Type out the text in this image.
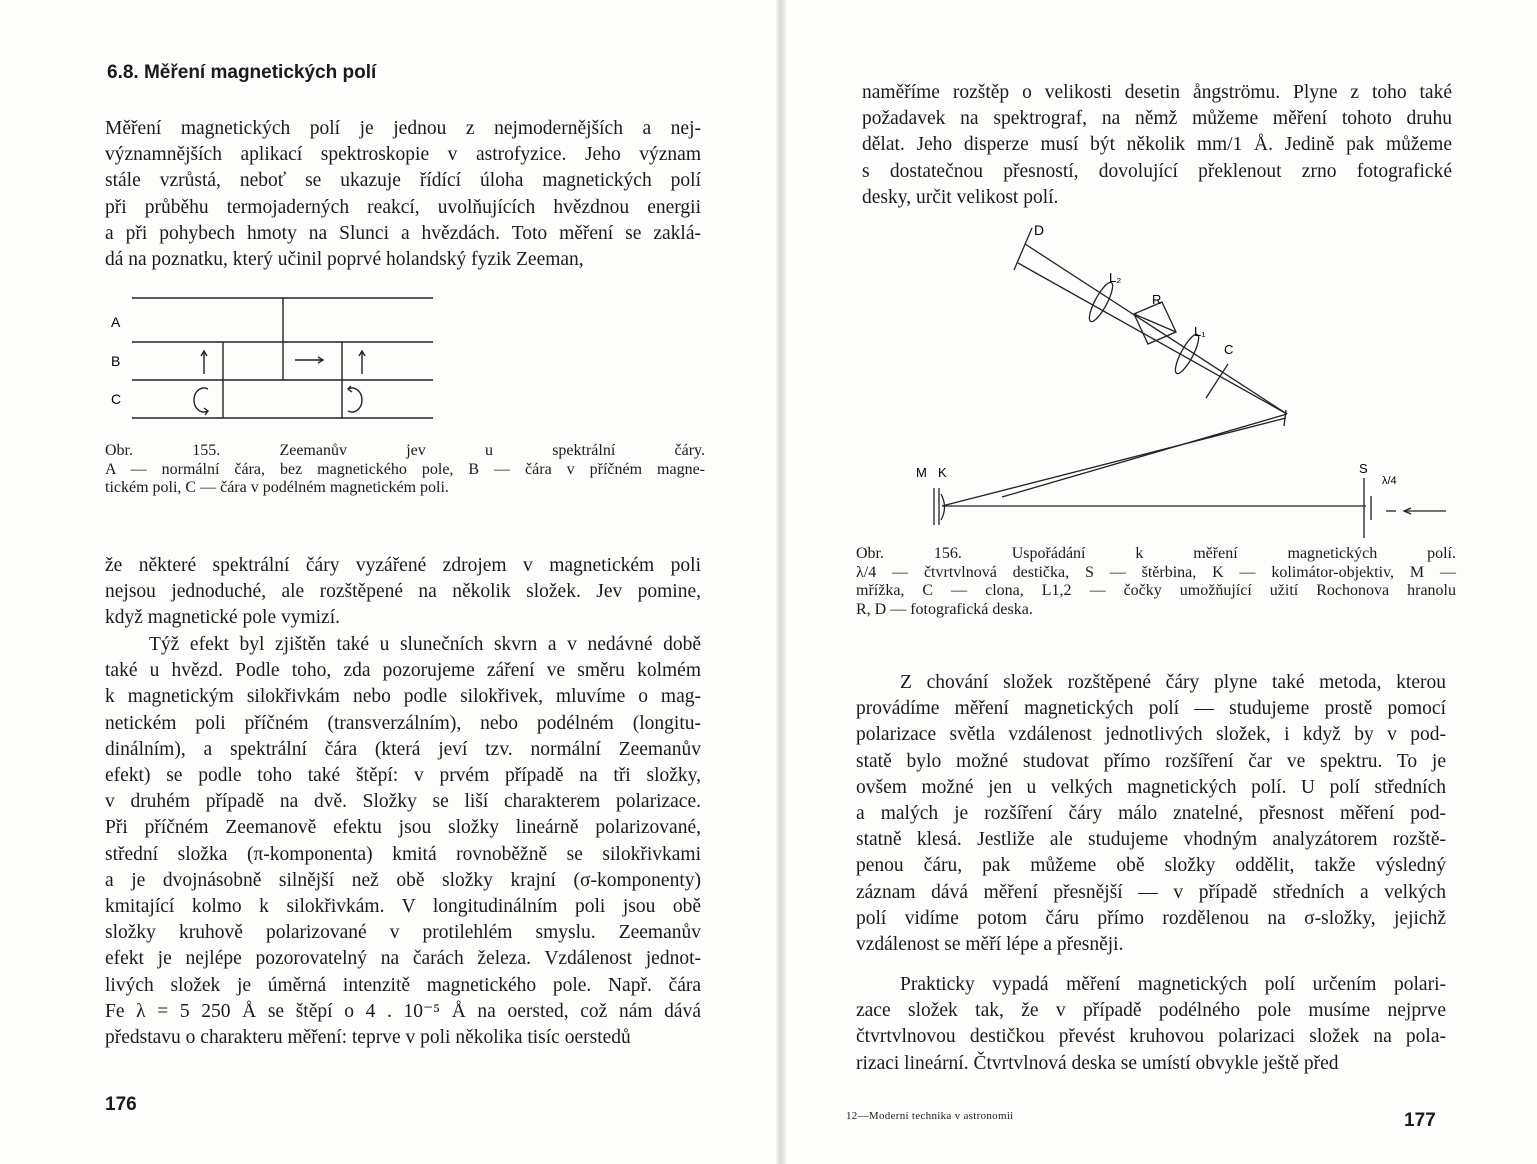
6.8. Měření magnetických polí
Měření magnetických polí je jednou z nejmodernějších a nej-
významnějších aplikací spektroskopie v astrofyzice. Jeho význam
stále vzrůstá, neboť se ukazuje řídící úloha magnetických polí
při průběhu termojaderných reakcí, uvolňujících hvězdnou energii
a při pohybech hmoty na Slunci a hvězdách. Toto měření se zaklá-
dá na poznatku, který učinil poprvé holandský fyzik Zeeman,
A
B
C
Obr. 155. Zeemanův jev u spektrální čáry.
A — normální čára, bez magnetického pole, B — čára v příčném magne-
tickém poli, C — čára v podélném magnetickém poli.
že některé spektrální čáry vyzářené zdrojem v magnetickém poli
nejsou jednoduché, ale rozštěpené na několik složek. Jev pomine,
když magnetické pole vymizí.
Týž efekt byl zjištěn také u slunečních skvrn a v nedávné době
také u hvězd. Podle toho, zda pozorujeme záření ve směru kolmém
k magnetickým silokřivkám nebo podle silokřivek, mluvíme o mag-
netickém poli příčném (transverzálním), nebo podélném (longitu-
dinálním), a spektrální čára (která jeví tzv. normální Zeemanův
efekt) se podle toho také štěpí: v prvém případě na tři složky,
v druhém případě na dvě. Složky se liší charakterem polarizace.
Při příčném Zeemanově efektu jsou složky lineárně polarizované,
střední složka (π-komponenta) kmitá rovnoběžně se silokřivkami
a je dvojnásobně silnější než obě složky krajní (σ-komponenty)
kmitající kolmo k silokřivkám. V longitudinálním poli jsou obě
složky kruhově polarizované v protilehlém smyslu. Zeemanův
efekt je nejlépe pozorovatelný na čarách železa. Vzdálenost jednot-
livých složek je úměrná intenzitě magnetického pole. Např. čára
Fe λ = 5 250 Å se štěpí o 4 . 10⁻⁵ Å na oersted, což nám dává
představu o charakteru měření: teprve v poli několika tisíc oerstedů
176
naměříme rozštěp o velikosti desetin ångströmu. Plyne z toho také
požadavek na spektrograf, na němž můžeme měření tohoto druhu
dělat. Jeho disperze musí být několik mm/1 Å. Jedině pak můžeme
s dostatečnou přesností, dovolující překlenout zrno fotografické
desky, určit velikost polí.
D
L₂
R
L₁
C
M K	S
λ/4
Obr. 156. Uspořádání k měření magnetických polí.
λ/4 — čtvrtvlnová destička, S — štěrbina, K — kolimátor-objektiv, M —
mřížka, C — clona, L1,2 — čočky umožňující užití Rochonova hranolu
R, D — fotografická deska.
Z chování složek rozštěpené čáry plyne také metoda, kterou
provádíme měření magnetických polí — studujeme prostě pomocí
polarizace světla vzdálenost jednotlivých složek, i když by v pod-
statě bylo možné studovat přímo rozšíření čar ve spektru. To je
ovšem možné jen u velkých magnetických polí. U polí středních
a malých je rozšíření čáry málo znatelné, přesnost měření pod-
statně klesá. Jestliže ale studujeme vhodným analyzátorem rozště-
penou čáru, pak můžeme obě složky oddělit, takže výsledný
záznam dává měření přesnější — v případě středních a velkých
polí vidíme potom čáru přímo rozdělenou na σ-složky, jejichž
vzdálenost se měří lépe a přesněji.
Prakticky vypadá měření magnetických polí určením polari-
zace složek tak, že v případě podélného pole musíme nejprve
čtvrtvlnovou destičkou převést kruhovou polarizaci složek na pola-
rizaci lineární. Čtvrtvlnová deska se umístí obvykle ještě před
12—Moderní technika v astronomii	177
